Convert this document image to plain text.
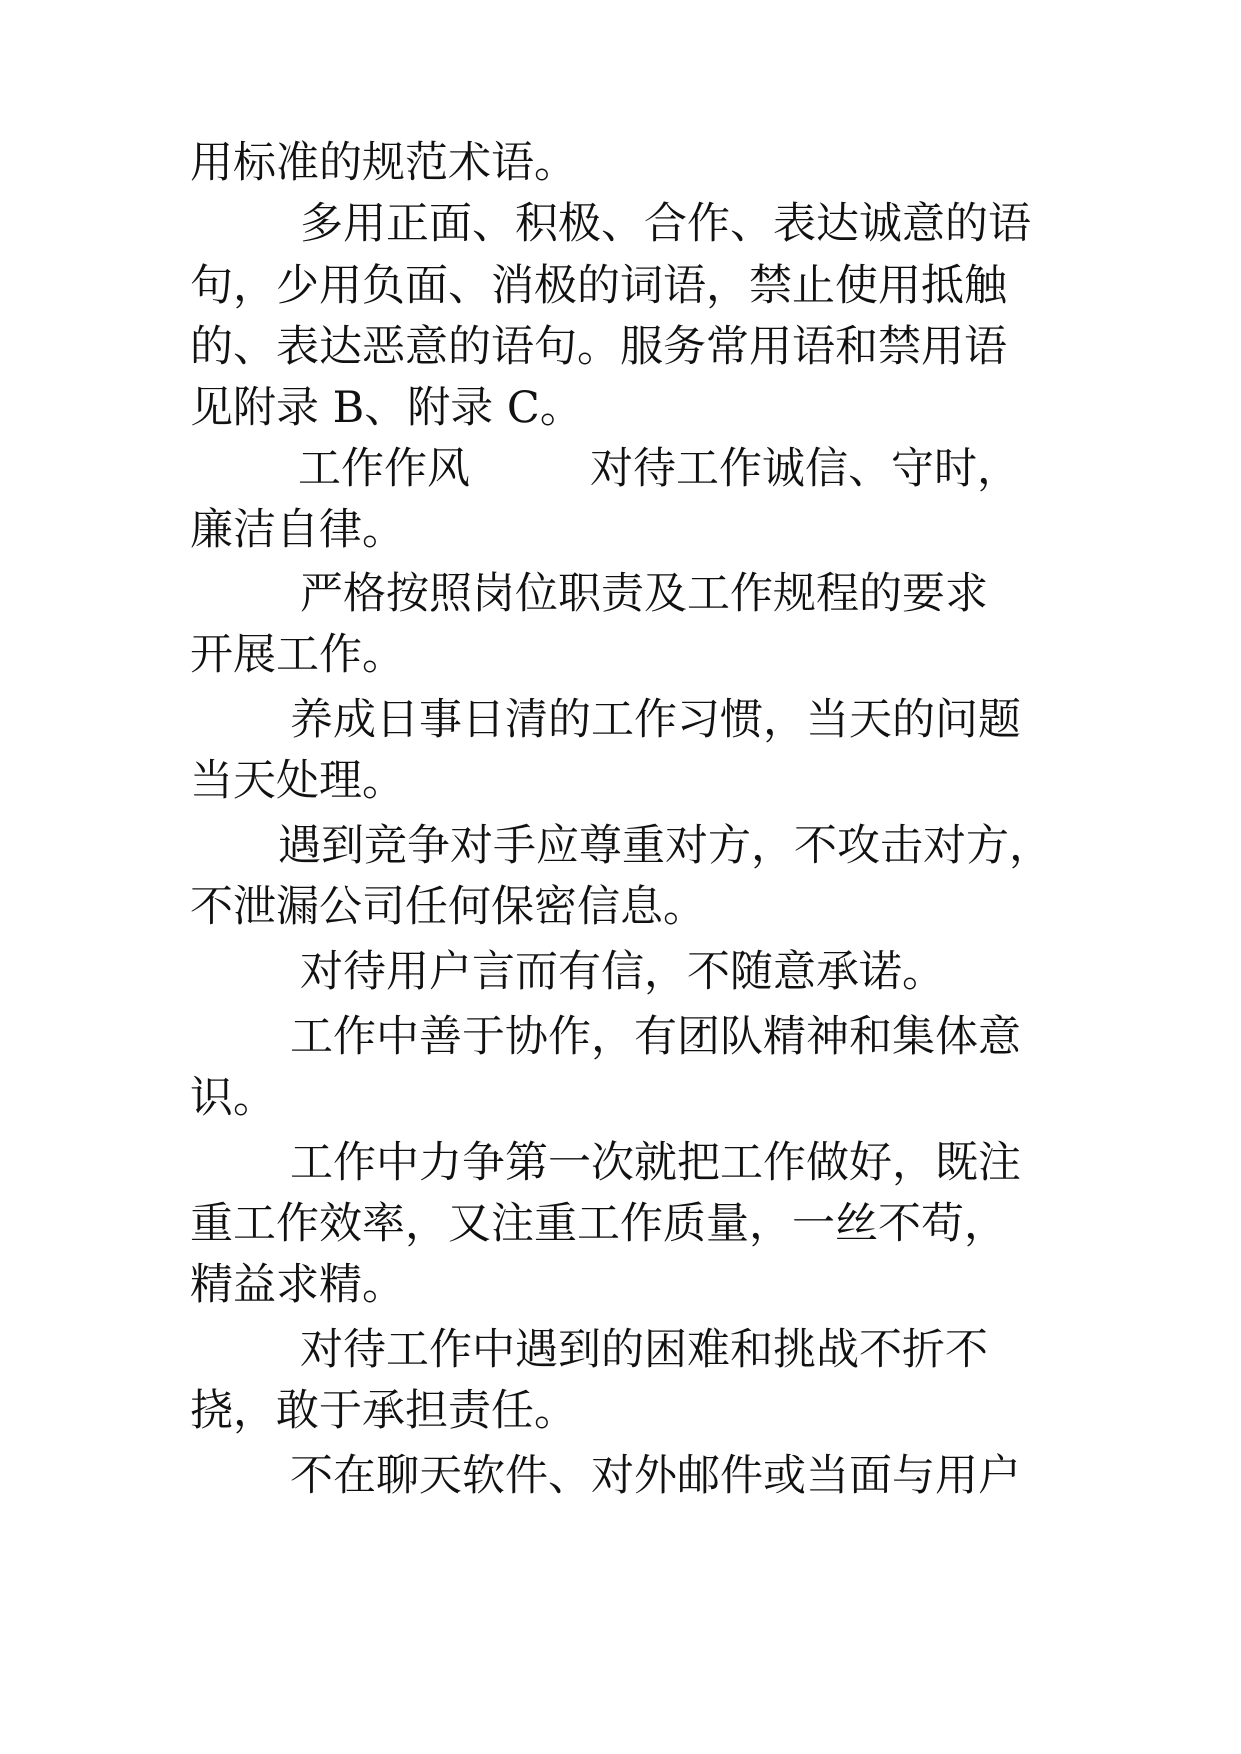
用标准的规范术语。
多用正面、积极、合作、表达诚意的语
句，少用负面、消极的词语，禁止使用抵触
的、表达恶意的语句。服务常用语和禁用语
见附录 B、附录 C。
工作作风	对待工作诚信、守时，
廉洁自律。
严格按照岗位职责及工作规程的要求
开展工作。
养成日事日清的工作习惯，当天的问题
当天处理。
遇到竞争对手应尊重对方，不攻击对方，
不泄漏公司任何保密信息。
对待用户言而有信，不随意承诺。
工作中善于协作，有团队精神和集体意
识。
工作中力争第一次就把工作做好，既注
重工作效率，又注重工作质量，一丝不苟，
精益求精。
对待工作中遇到的困难和挑战不折不
挠，敢于承担责任。
不在聊天软件、对外邮件或当面与用户
